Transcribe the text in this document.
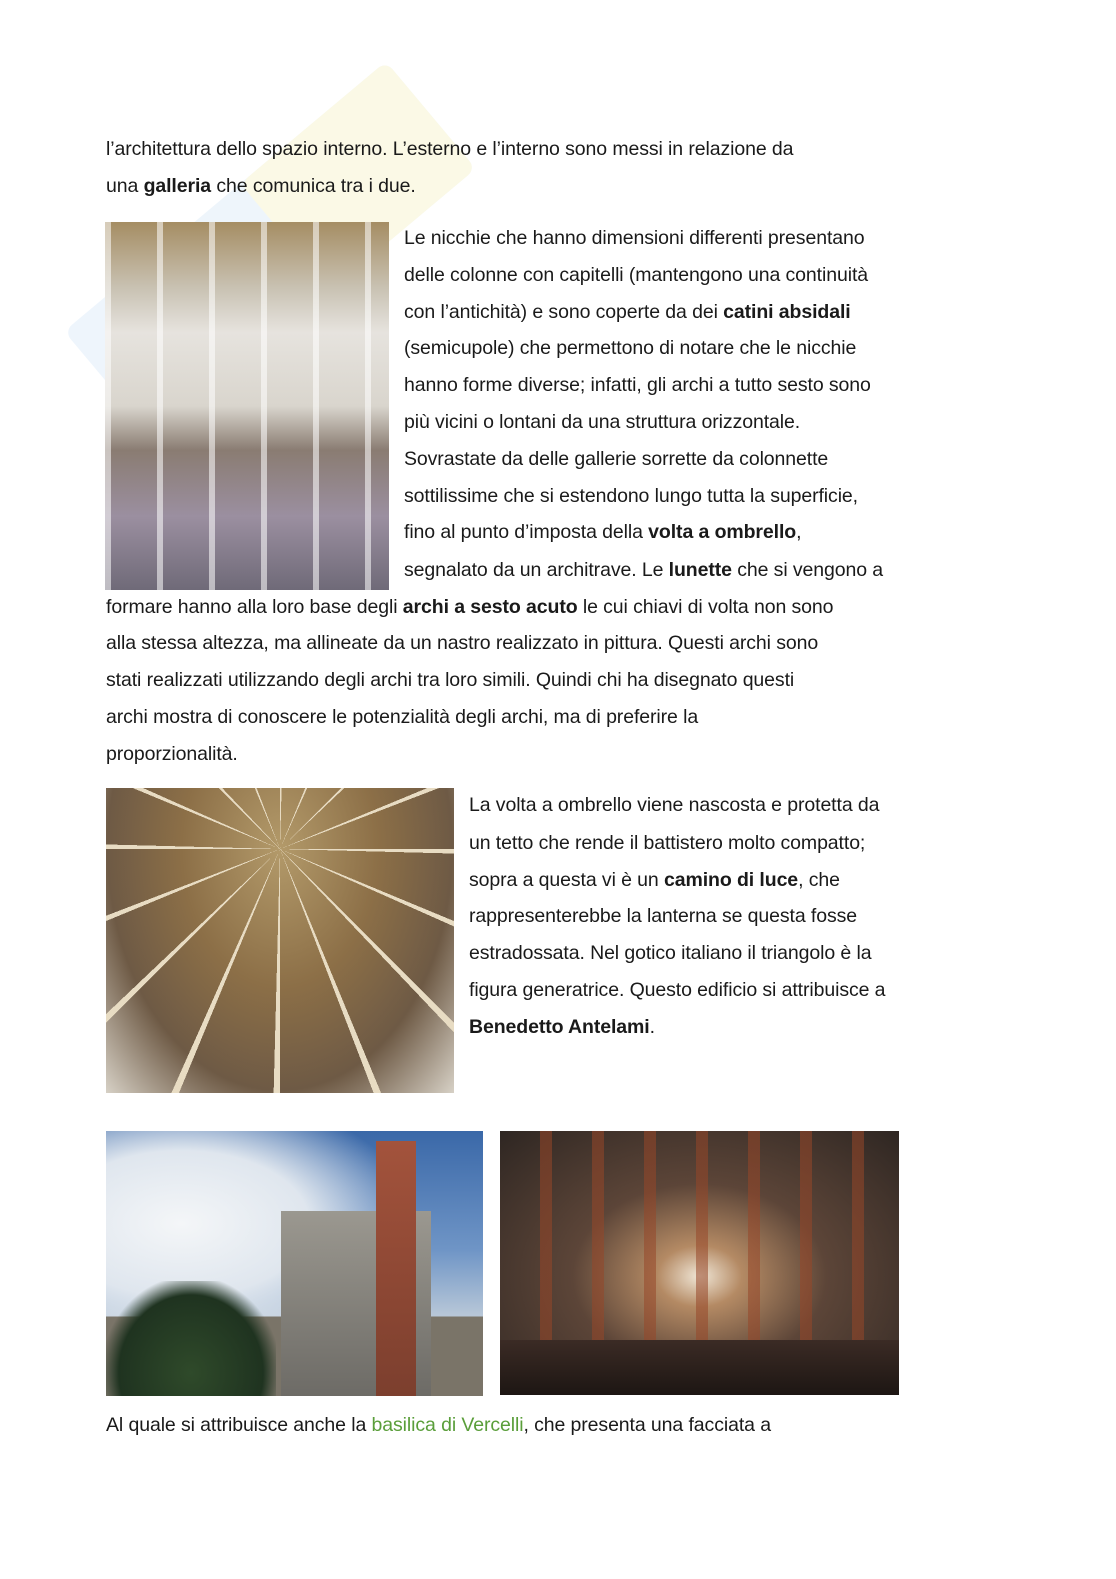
l’architettura dello spazio interno. L’esterno e l’interno sono messi in relazione da
una galleria che comunica tra i due.
Le nicchie che hanno dimensioni differenti presentano
delle colonne con capitelli (mantengono una continuità
con l’antichità) e sono coperte da dei catini absidali
(semicupole) che permettono di notare che le nicchie
hanno forme diverse; infatti, gli archi a tutto sesto sono
più vicini o lontani da una struttura orizzontale.
Sovrastate da delle gallerie sorrette da colonnette
sottilissime che si estendono lungo tutta la superficie,
fino al punto d’imposta della volta a ombrello,
segnalato da un architrave. Le lunette che si vengono a
formare hanno alla loro base degli archi a sesto acuto le cui chiavi di volta non sono
alla stessa altezza, ma allineate da un nastro realizzato in pittura. Questi archi sono
stati realizzati utilizzando degli archi tra loro simili. Quindi chi ha disegnato questi
archi mostra di conoscere le potenzialità degli archi, ma di preferire la
proporzionalità.
La volta a ombrello viene nascosta e protetta da
un tetto che rende il battistero molto compatto;
sopra a questa vi è un camino di luce, che
rappresenterebbe la lanterna se questa fosse
estradossata. Nel gotico italiano il triangolo è la
figura generatrice. Questo edificio si attribuisce a
Benedetto Antelami.
Al quale si attribuisce anche la basilica di Vercelli, che presenta una facciata a
